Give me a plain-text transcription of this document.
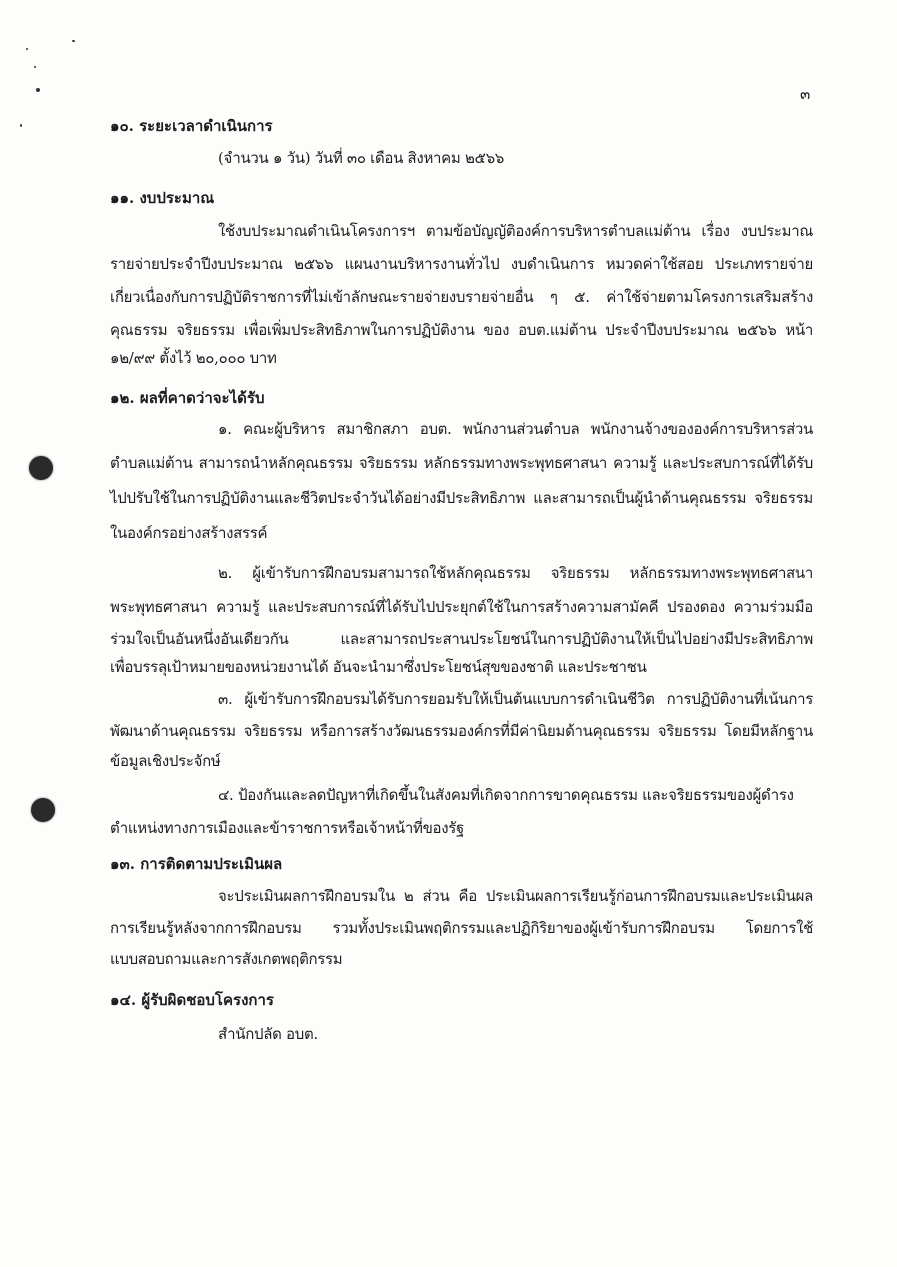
๓
๑๐. ระยะเวลาดำเนินการ
(จำนวน ๑ วัน) วันที่ ๓๐ เดือน สิงหาคม ๒๕๖๖
๑๑. งบประมาณ
ใช้งบประมาณดำเนินโครงการฯ ตามข้อบัญญัติองค์การบริหารตำบลแม่ต้าน เรื่อง งบประมาณ
รายจ่ายประจำปีงบประมาณ ๒๕๖๖ แผนงานบริหารงานทั่วไป งบดำเนินการ หมวดค่าใช้สอย ประเภทรายจ่าย
เกี่ยวเนื่องกับการปฏิบัติราชการที่ไม่เข้าลักษณะรายจ่ายงบรายจ่ายอื่น ๆ ๕. ค่าใช้จ่ายตามโครงการเสริมสร้าง
คุณธรรม จริยธรรม เพื่อเพิ่มประสิทธิภาพในการปฏิบัติงาน ของ อบต.แม่ต้าน ประจำปีงบประมาณ ๒๕๖๖ หน้า
๑๒/๙๙ ตั้งไว้ ๒๐,๐๐๐ บาท
๑๒. ผลที่คาดว่าจะได้รับ
๑. คณะผู้บริหาร สมาชิกสภา อบต. พนักงานส่วนตำบล พนักงานจ้างขององค์การบริหารส่วน
ตำบลแม่ต้าน สามารถนำหลักคุณธรรม จริยธรรม หลักธรรมทางพระพุทธศาสนา ความรู้ และประสบการณ์ที่ได้รับ
ไปปรับใช้ในการปฏิบัติงานและชีวิตประจำวันได้อย่างมีประสิทธิภาพ และสามารถเป็นผู้นำด้านคุณธรรม จริยธรรม
ในองค์กรอย่างสร้างสรรค์
๒. ผู้เข้ารับการฝึกอบรมสามารถใช้หลักคุณธรรม จริยธรรม หลักธรรมทางพระพุทธศาสนา
พระพุทธศาสนา ความรู้ และประสบการณ์ที่ได้รับไปประยุกต์ใช้ในการสร้างความสามัคคี ปรองดอง ความร่วมมือ
ร่วมใจเป็นอันหนึ่งอันเดียวกัน และสามารถประสานประโยชน์ในการปฏิบัติงานให้เป็นไปอย่างมีประสิทธิภาพ
เพื่อบรรลุเป้าหมายของหน่วยงานได้ อันจะนำมาซึ่งประโยชน์สุขของชาติ และประชาชน
๓. ผู้เข้ารับการฝึกอบรมได้รับการยอมรับให้เป็นต้นแบบการดำเนินชีวิต การปฏิบัติงานที่เน้นการ
พัฒนาด้านคุณธรรม จริยธรรม หรือการสร้างวัฒนธรรมองค์กรที่มีค่านิยมด้านคุณธรรม จริยธรรม โดยมีหลักฐาน
ข้อมูลเชิงประจักษ์
๔. ป้องกันและลดปัญหาที่เกิดขึ้นในสังคมที่เกิดจากการขาดคุณธรรม และจริยธรรมของผู้ดำรง
ตำแหน่งทางการเมืองและข้าราชการหรือเจ้าหน้าที่ของรัฐ
๑๓. การติดตามประเมินผล
จะประเมินผลการฝึกอบรมใน ๒ ส่วน คือ ประเมินผลการเรียนรู้ก่อนการฝึกอบรมและประเมินผล
การเรียนรู้หลังจากการฝึกอบรม รวมทั้งประเมินพฤติกรรมและปฏิกิริยาของผู้เข้ารับการฝึกอบรม โดยการใช้
แบบสอบถามและการสังเกตพฤติกรรม
๑๔. ผู้รับผิดชอบโครงการ
สำนักปลัด อบต.
